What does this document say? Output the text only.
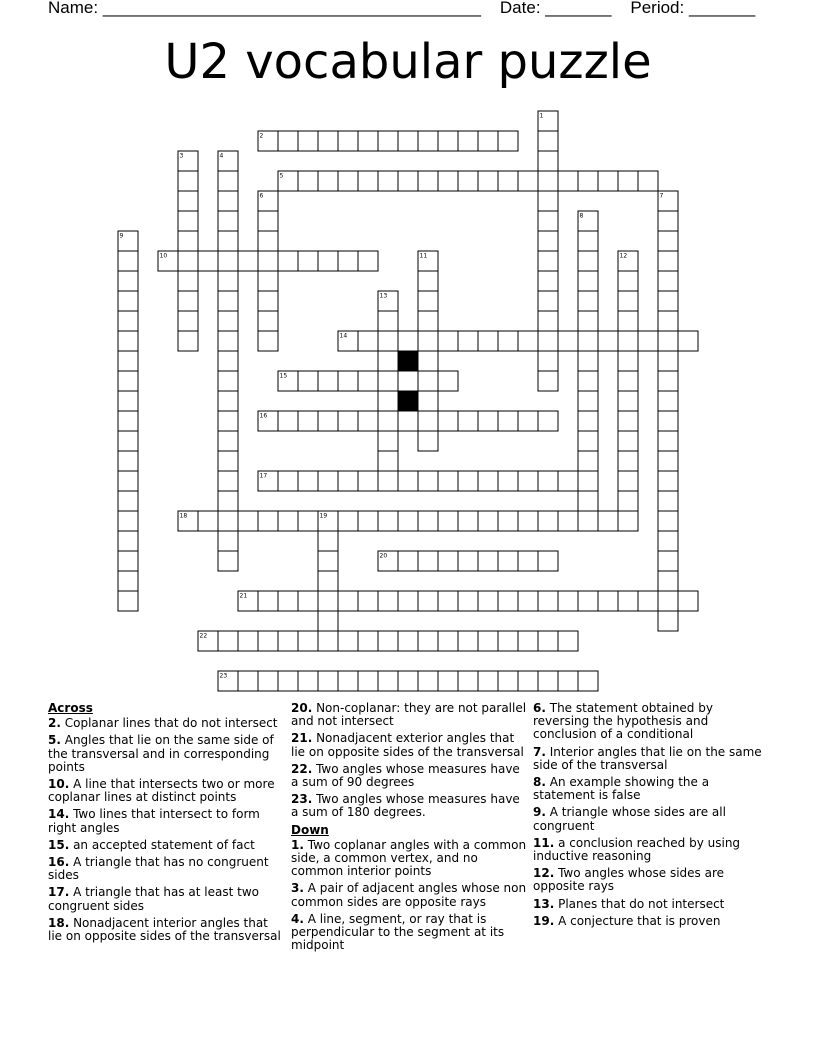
Name: ________________________________________ Date: _______ Period: _______
U2 vocabular puzzle
2
5
10
14
15
16
17
18
20
21
22
23
1
3	4
6	7
8
9
11	12
13
19
Across
2. Coplanar lines that do not intersect
5. Angles that lie on the same side of the transversal and in corresponding points
10. A line that intersects two or more coplanar lines at distinct points
14. Two lines that intersect to form right angles
15. an accepted statement of fact
16. A triangle that has no congruent sides
17. A triangle that has at least two congruent sides
18. Nonadjacent interior angles that lie on opposite sides of the transversal
20. Non-coplanar: they are not parallel and not intersect
21. Nonadjacent exterior angles that lie on opposite sides of the transversal
22. Two angles whose measures have a sum of 90 degrees
23. Two angles whose measures have a sum of 180 degrees.
Down
1. Two coplanar angles with a common side, a common vertex, and no common interior points
3. A pair of adjacent angles whose non common sides are opposite rays
4. A line, segment, or ray that is perpendicular to the segment at its midpoint
6. The statement obtained by reversing the hypothesis and conclusion of a conditional
7. Interior angles that lie on the same side of the transversal
8. An example showing the a statement is false
9. A triangle whose sides are all congruent
11. a conclusion reached by using inductive reasoning
12. Two angles whose sides are opposite rays
13. Planes that do not intersect
19. A conjecture that is proven
